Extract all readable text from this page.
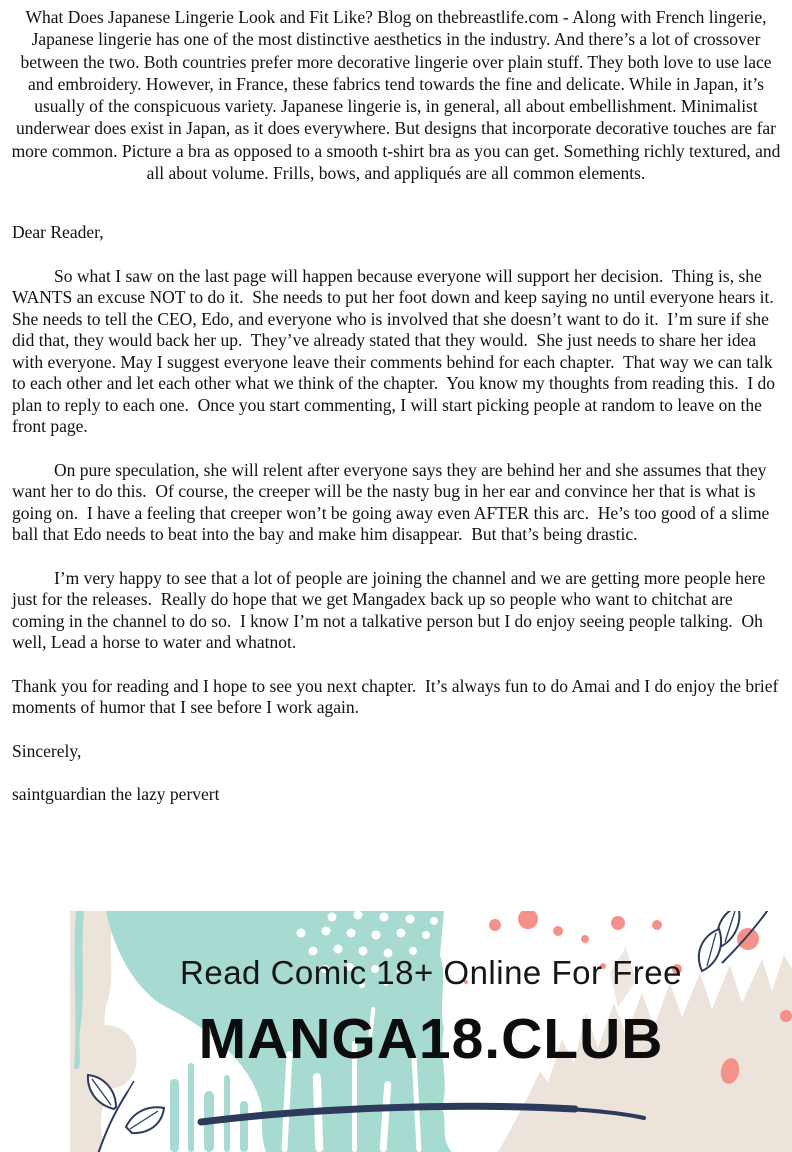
What Does Japanese Lingerie Look and Fit Like? Blog on thebreastlife.com - Along with French lingerie, Japanese lingerie has one of the most distinctive aesthetics in the industry. And there’s a lot of crossover between the two. Both countries prefer more decorative lingerie over plain stuff. They both love to use lace and embroidery. However, in France, these fabrics tend towards the fine and delicate. While in Japan, it’s usually of the conspicuous variety. Japanese lingerie is, in general, all about embellishment. Minimalist underwear does exist in Japan, as it does everywhere. But designs that incorporate decorative touches are far more common. Picture a bra as opposed to a smooth t-shirt bra as you can get. Something richly textured, and all about volume. Frills, bows, and appliqués are all common elements.

Dear Reader,

So what I saw on the last page will happen because everyone will support her decision.  Thing is, she WANTS an excuse NOT to do it.  She needs to put her foot down and keep saying no until everyone hears it.  She needs to tell the CEO, Edo, and everyone who is involved that she doesn’t want to do it.  I’m sure if she did that, they would back her up.  They’ve already stated that they would.  She just needs to share her idea with everyone. May I suggest everyone leave their comments behind for each chapter.  That way we can talk to each other and let each other what we think of the chapter.  You know my thoughts from reading this.  I do plan to reply to each one.  Once you start commenting, I will start picking people at random to leave on the front page.

On pure speculation, she will relent after everyone says they are behind her and she assumes that they want her to do this.  Of course, the creeper will be the nasty bug in her ear and convince her that is what is going on.  I have a feeling that creeper won’t be going away even AFTER this arc.  He’s too good of a slime ball that Edo needs to beat into the bay and make him disappear.  But that’s being drastic.

I’m very happy to see that a lot of people are joining the channel and we are getting more people here just for the releases.  Really do hope that we get Mangadex back up so people who want to chitchat are coming in the channel to do so.  I know I’m not a talkative person but I do enjoy seeing people talking.  Oh well, Lead a horse to water and whatnot.

Thank you for reading and I hope to see you next chapter.  It’s always fun to do Amai and I do enjoy the brief moments of humor that I see before I work again.

Sincerely,

saintguardian the lazy pervert

Read Comic 18+ Online For Free
MANGA18.CLUB
